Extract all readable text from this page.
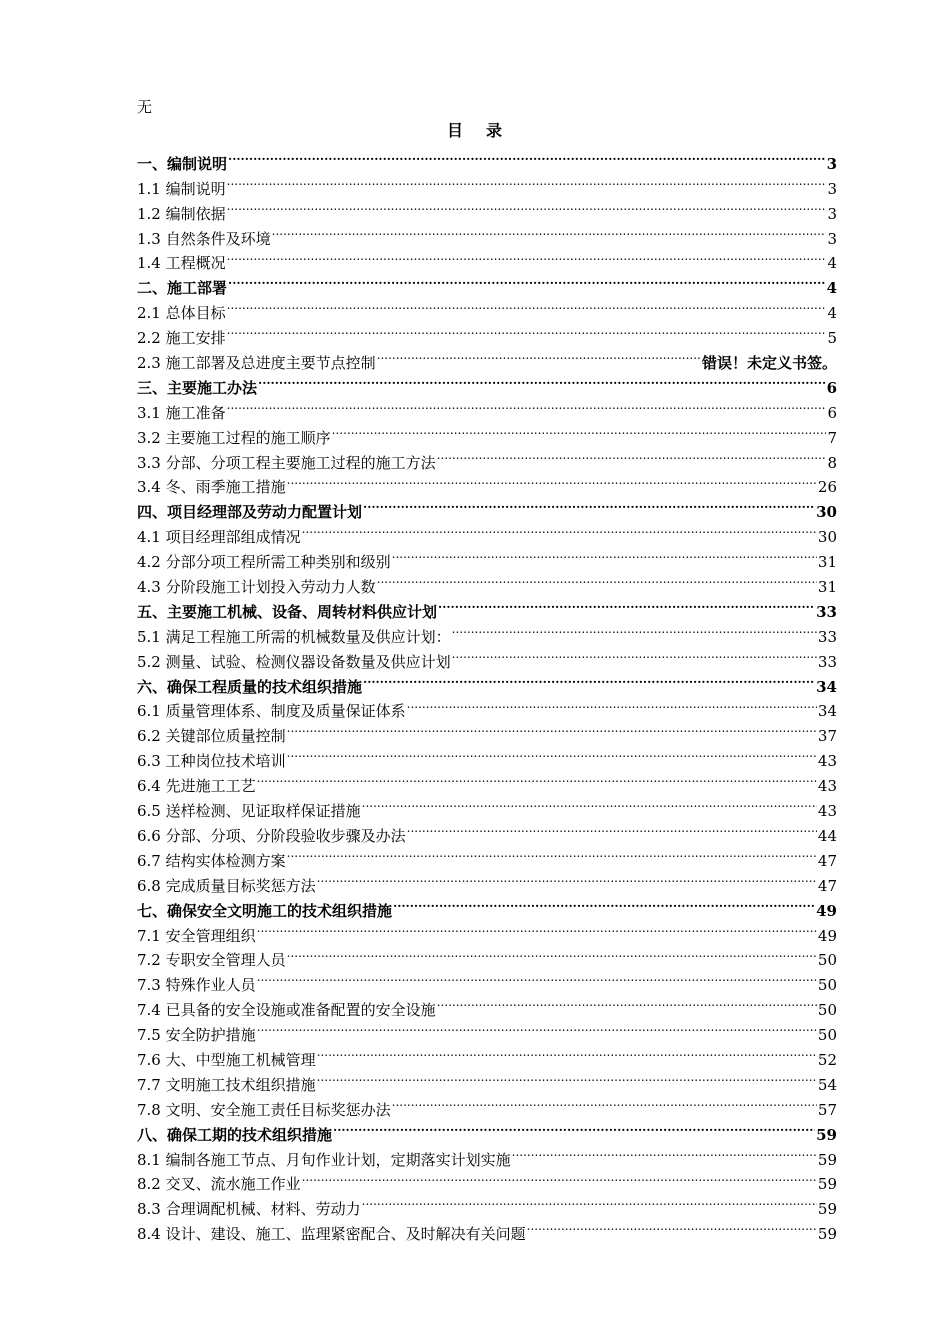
无
目 录
一、编制说明 .....	3
1.1 编制说明 .....	3
1.2 编制依据 .....	3
1.3 自然条件及环境 .....	3
1.4 工程概况 .....	4
二、施工部署 .....	4
2.1 总体目标 .....	4
2.2 施工安排 .....	5
2.3 施工部署及总进度主要节点控制 .....	错误！未定义书签。
三、主要施工办法 .....	6
3.1 施工准备 .....	6
3.2 主要施工过程的施工顺序 .....	7
3.3 分部、分项工程主要施工过程的施工方法 .....	8
3.4 冬、雨季施工措施 .....	26
四、项目经理部及劳动力配置计划 .....	30
4.1 项目经理部组成情况 .....	30
4.2 分部分项工程所需工种类别和级别 .....	31
4.3 分阶段施工计划投入劳动力人数 .....	31
五、主要施工机械、设备、周转材料供应计划 .....	33
5.1 满足工程施工所需的机械数量及供应计划： .....	33
5.2 测量、试验、检测仪器设备数量及供应计划 .....	33
六、确保工程质量的技术组织措施 .....	34
6.1 质量管理体系、制度及质量保证体系 .....	34
6.2 关键部位质量控制 .....	37
6.3 工种岗位技术培训 .....	43
6.4 先进施工工艺 .....	43
6.5 送样检测、见证取样保证措施 .....	43
6.6 分部、分项、分阶段验收步骤及办法 .....	44
6.7 结构实体检测方案 .....	47
6.8 完成质量目标奖惩方法 .....	47
七、确保安全文明施工的技术组织措施 .....	49
7.1 安全管理组织 .....	49
7.2 专职安全管理人员 .....	50
7.3 特殊作业人员 .....	50
7.4 已具备的安全设施或准备配置的安全设施 .....	50
7.5 安全防护措施 .....	50
7.6 大、中型施工机械管理 .....	52
7.7 文明施工技术组织措施 .....	54
7.8 文明、安全施工责任目标奖惩办法 .....	57
八、确保工期的技术组织措施 .....	59
8.1 编制各施工节点、月旬作业计划，定期落实计划实施 .....	59
8.2 交叉、流水施工作业 .....	59
8.3 合理调配机械、材料、劳动力 .....	59
8.4 设计、建设、施工、监理紧密配合、及时解决有关问题 .....	59
